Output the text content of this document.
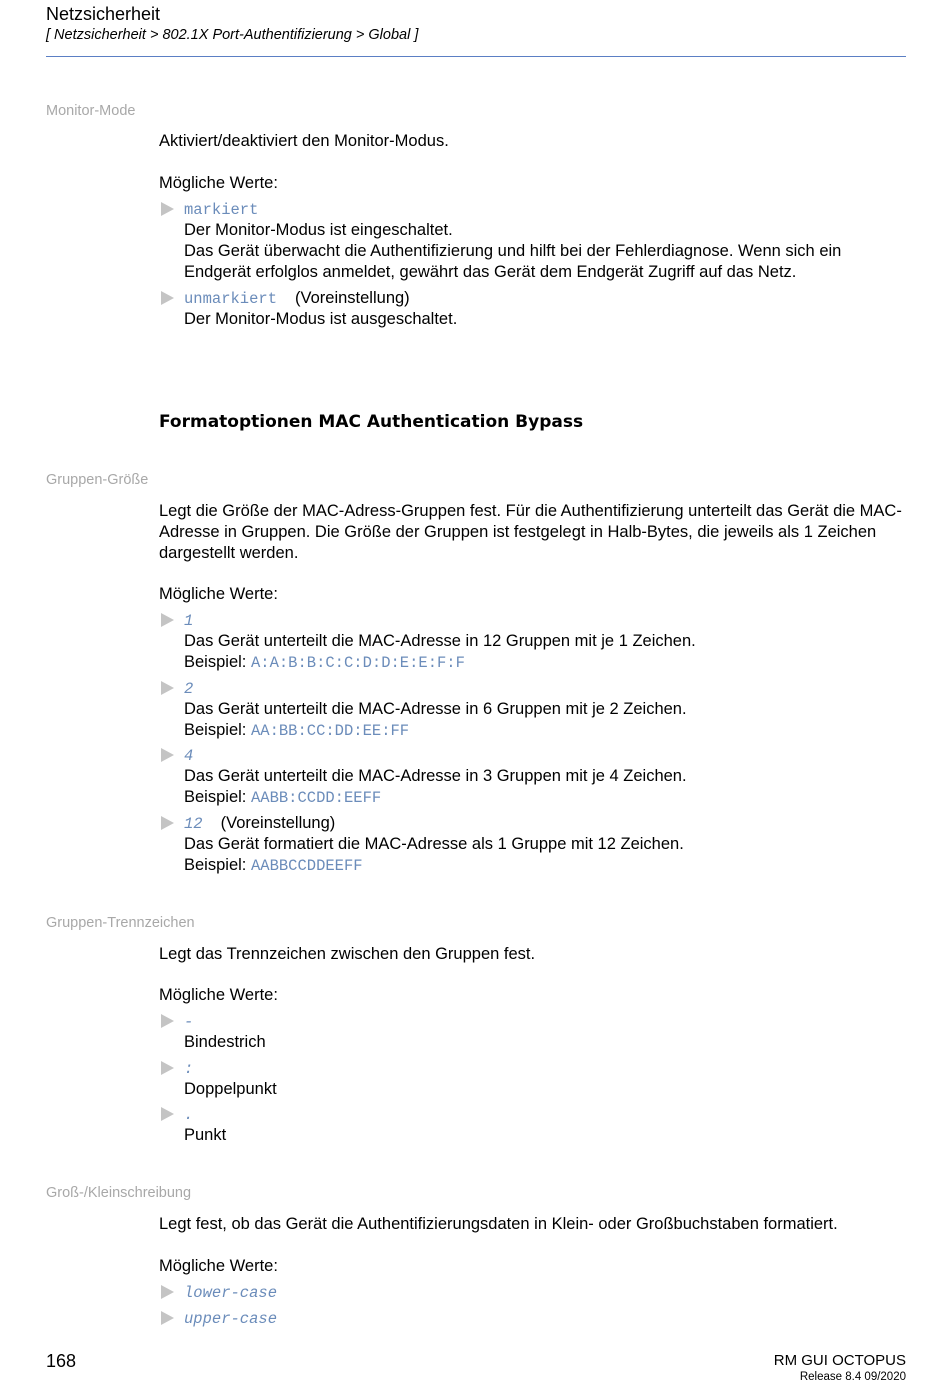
Netzsicherheit
[ Netzsicherheit > 802.1X Port-Authentifizierung > Global ]
Monitor-Mode
Aktiviert/deaktiviert den Monitor-Modus.
Mögliche Werte:
markiert
Der Monitor-Modus ist eingeschaltet.
Das Gerät überwacht die Authentifizierung und hilft bei der Fehlerdiagnose. Wenn sich ein Endgerät erfolglos anmeldet, gewährt das Gerät dem Endgerät Zugriff auf das Netz.
unmarkiert (Voreinstellung)
Der Monitor-Modus ist ausgeschaltet.
Formatoptionen MAC Authentication Bypass
Gruppen-Größe
Legt die Größe der MAC-Adress-Gruppen fest. Für die Authentifizierung unterteilt das Gerät die MAC-Adresse in Gruppen. Die Größe der Gruppen ist festgelegt in Halb-Bytes, die jeweils als 1 Zeichen dargestellt werden.
Mögliche Werte:
1
Das Gerät unterteilt die MAC-Adresse in 12 Gruppen mit je 1 Zeichen.
Beispiel: A:A:B:B:C:C:D:D:E:E:F:F
2
Das Gerät unterteilt die MAC-Adresse in 6 Gruppen mit je 2 Zeichen.
Beispiel: AA:BB:CC:DD:EE:FF
4
Das Gerät unterteilt die MAC-Adresse in 3 Gruppen mit je 4 Zeichen.
Beispiel: AABB:CCDD:EEFF
12 (Voreinstellung)
Das Gerät formatiert die MAC-Adresse als 1 Gruppe mit 12 Zeichen.
Beispiel: AABBCCDDEEFF
Gruppen-Trennzeichen
Legt das Trennzeichen zwischen den Gruppen fest.
Mögliche Werte:
-
Bindestrich
:
Doppelpunkt
.
Punkt
Groß-/Kleinschreibung
Legt fest, ob das Gerät die Authentifizierungsdaten in Klein- oder Großbuchstaben formatiert.
Mögliche Werte:
lower-case
upper-case
168	RM GUI OCTOPUS
Release 8.4 09/2020
